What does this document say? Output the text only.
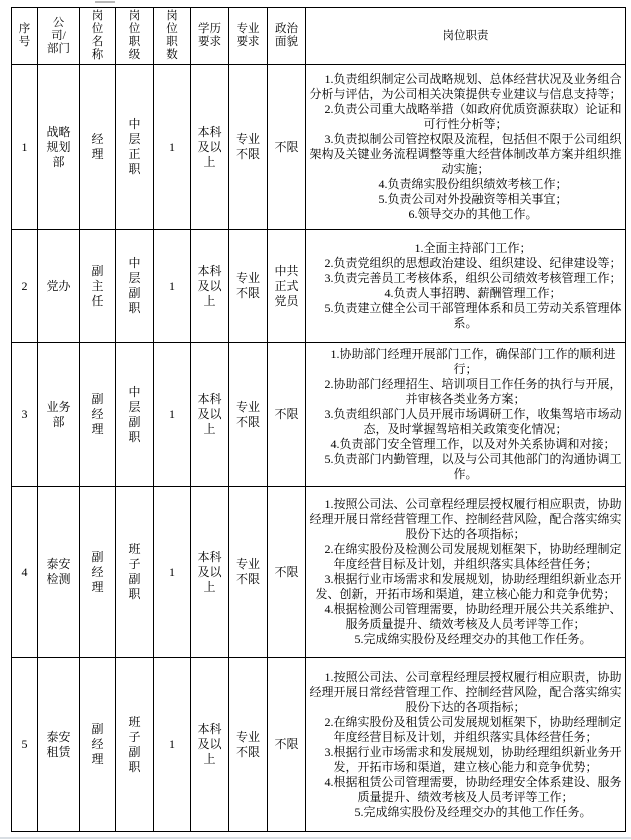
序号	公司/部门	岗位名称	岗位职级	岗位职数	学历要求	专业要求	政治面貌	岗位职责
1	战略规划部	经理	中层正职	1	本科及以上	专业不限	不限	

1.负责组织制定公司战略规划、总体经营状况及业务组合分析与评估，为公司相关决策提供专业建议与信息支持等；

2.负责公司重大战略举措（如政府优质资源获取）论证和可行性分析等；

3.负责拟制公司管控权限及流程，包括但不限于公司组织架构及关键业务流程调整等重大经营体制改革方案并组织推动实施；

4.负责绵实股份组织绩效考核工作；

5.负责公司对外投融资等相关事宜；

6.领导交办的其他工作。

2	党办	副主任	中层副职	1	本科及以上	专业不限	中共正式党员	1.全面主持部门工作；

2.负责党组织的思想政治建设、组织建设、纪律建设等；

3.负责完善员工考核体系，组织公司绩效考核管理工作；

4.负责人事招聘、薪酬管理工作；

5.负责建立健全公司干部管理体系和员工劳动关系管理体系。

3	业务部	副经理	中层副职	1	本科及以上	专业不限	不限	1.协助部门经理开展部门工作，确保部门工作的顺利进行；

2.协助部门经理招生、培训项目工作任务的执行与开展，并审核各类业务方案；

3.负责组织部门人员开展市场调研工作，收集驾培市场动态，及时掌握驾培相关政策变化情况；

4.负责部门安全管理工作，以及对外关系协调和对接；

5.负责部门内勤管理，以及与公司其他部门的沟通协调工作。

4	泰安检测	副经理	班子副职	1	本科及以上	专业不限	不限	1.按照公司法、公司章程经理层授权履行相应职责，协助经理开展日常经营管理工作、控制经营风险，配合落实绵实股份下达的各项指标；

2.在绵实股份及检测公司发展规划框架下，协助经理制定年度经营目标及计划，并组织落实具体经营任务；

3.根据行业市场需求和发展规划，协助经理组织新业态开发、创新，开拓市场和渠道，建立核心能力和竞争优势；

4.根据检测公司管理需要，协助经理开展公共关系维护、服务质量提升、绩效考核及人员考评等工作；

5.完成绵实股份及经理交办的其他工作任务。

5	泰安租赁	副经理	班子副职	1	本科及以上	专业不限	不限	1.按照公司法、公司章程经理层授权履行相应职责，协助经理开展日常经营管理工作、控制经营风险，配合落实绵实股份下达的各项指标；

2.在绵实股份及租赁公司发展规划框架下，协助经理制定年度经营目标及计划，并组织落实具体经营任务；

3.根据行业市场需求和发展规划，协助经理组织新业务开发，开拓市场和渠道，建立核心能力和竞争优势；

4.根据租赁公司管理需要，协助经理安全体系建设、服务质量提升、绩效考核及人员考评等工作；

5.完成绵实股份及经理交办的其他工作任务。
